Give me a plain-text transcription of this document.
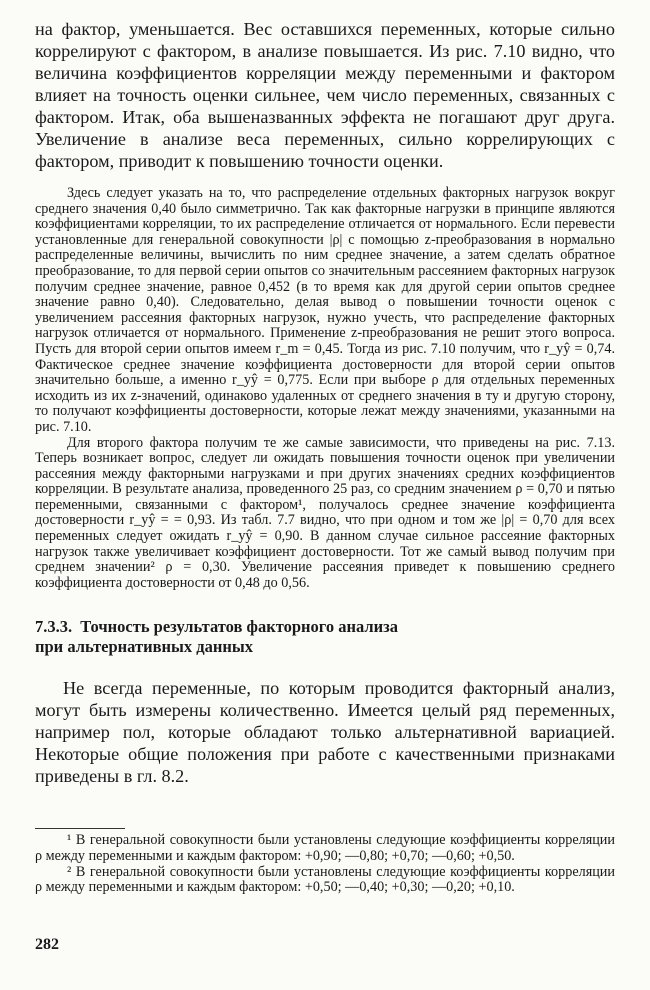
на фактор, уменьшается. Вес оставшихся переменных, которые сильно коррелируют с фактором, в анализе повышается. Из рис. 7.10 видно, что величина коэффициентов корреляции между переменными и фактором влияет на точность оценки сильнее, чем число переменных, связанных с фактором. Итак, оба вышеназванных эффекта не погашают друг друга. Увеличение в анализе веса переменных, сильно коррелирующих с фактором, приводит к повышению точности оценки.

Здесь следует указать на то, что распределение отдельных факторных нагрузок вокруг среднего значения 0,40 было симметрично. Так как факторные нагрузки в принципе являются коэффициентами корреляции, то их распределение отличается от нормального. Если перевести установленные для генеральной совокупности |ρ| с помощью z-преобразования в нормально распределенные величины, вычислить по ним среднее значение, а затем сделать обратное преобразование, то для первой серии опытов со значительным рассеянием факторных нагрузок получим среднее значение, равное 0,452 (в то время как для другой серии опытов среднее значение равно 0,40). Следовательно, делая вывод о повышении точности оценок с увеличением рассеяния факторных нагрузок, нужно учесть, что распределение факторных нагрузок отличается от нормального. Применение z-преобразования не решит этого вопроса. Пусть для второй серии опытов имеем r_m = 0,45. Тогда из рис. 7.10 получим, что r_yŷ = 0,74. Фактическое среднее значение коэффициента достоверности для второй серии опытов значительно больше, а именно r_yŷ = 0,775. Если при выборе ρ для отдельных переменных исходить из их z-значений, одинаково удаленных от среднего значения в ту и другую сторону, то получают коэффициенты достоверности, которые лежат между значениями, указанными на рис. 7.10.

Для второго фактора получим те же самые зависимости, что приведены на рис. 7.13. Теперь возникает вопрос, следует ли ожидать повышения точности оценок при увеличении рассеяния между факторными нагрузками и при других значениях средних коэффициентов корреляции. В результате анализа, проведенного 25 раз, со средним значением ρ = 0,70 и пятью переменными, связанными с фактором¹, получалось среднее значение коэффициента достоверности r_yŷ = = 0,93. Из табл. 7.7 видно, что при одном и том же |ρ| = 0,70 для всех переменных следует ожидать r_yŷ = 0,90. В данном случае сильное рассеяние факторных нагрузок также увеличивает коэффициент достоверности. Тот же самый вывод получим при среднем значении² ρ = 0,30. Увеличение рассеяния приведет к повышению среднего коэффициента достоверности от 0,48 до 0,56.

7.3.3. Точность результатов факторного анализа
при альтернативных данных

Не всегда переменные, по которым проводится факторный анализ, могут быть измерены количественно. Имеется целый ряд переменных, например пол, которые обладают только альтернативной вариацией. Некоторые общие положения при работе с качественными признаками приведены в гл. 8.2.

¹ В генеральной совокупности были установлены следующие коэффициенты корреляции ρ между переменными и каждым фактором: +0,90; —0,80; +0,70; —0,60; +0,50.

² В генеральной совокупности были установлены следующие коэффициенты корреляции ρ между переменными и каждым фактором: +0,50; —0,40; +0,30; —0,20; +0,10.

282
